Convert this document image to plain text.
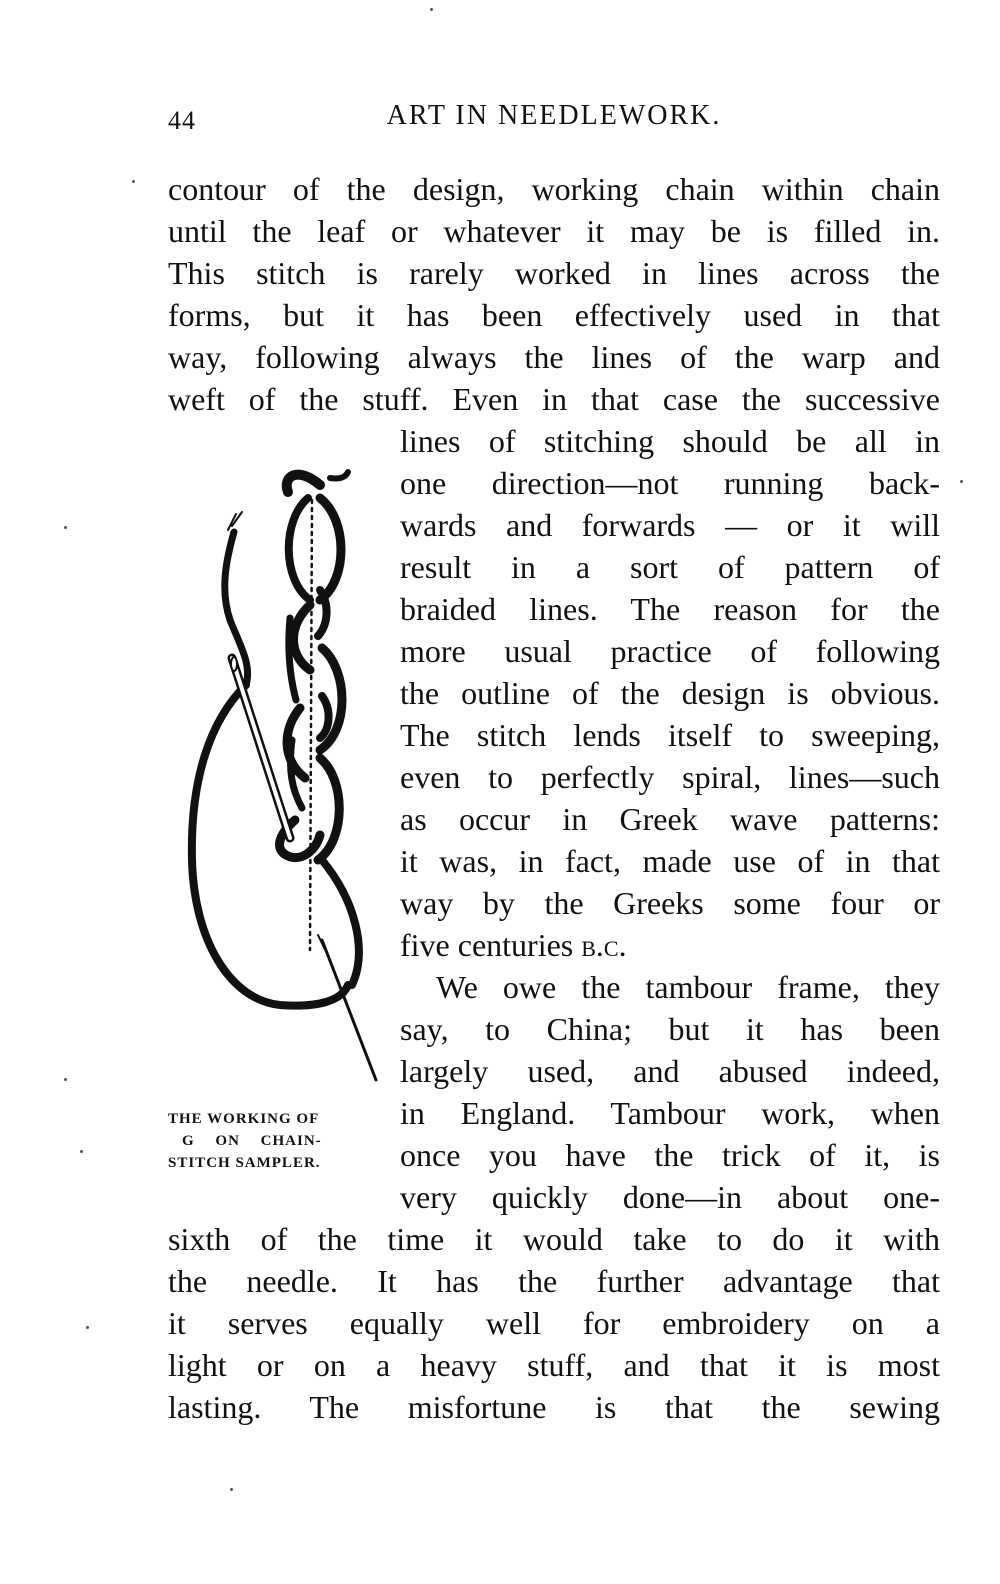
44	ART IN NEEDLEWORK.
contour of the design, working chain within chain
until the leaf or whatever it may be is filled in.
This stitch is rarely worked in lines across the
forms, but it has been effectively used in that
way, following always the lines of the warp and
weft of the stuff. Even in that case the successive
lines of stitching should be all in
one direction—not running back-
wards and forwards — or it will
result in a sort of pattern of
braided lines. The reason for the
more usual practice of following
the outline of the design is obvious.
The stitch lends itself to sweeping,
even to perfectly spiral, lines—such
as occur in Greek wave patterns:
it was, in fact, made use of in that
way by the Greeks some four or
five centuries b.c.
We owe the tambour frame, they
say, to China; but it has been
largely used, and abused indeed,
in England. Tambour work, when
once you have the trick of it, is
very quickly done—in about one-
sixth of the time it would take to do it with
the needle. It has the further advantage that
it serves equally well for embroidery on a
light or on a heavy stuff, and that it is most
lasting. The misfortune is that the sewing
THE WORKING OF
G ON CHAIN-
STITCH SAMPLER.
